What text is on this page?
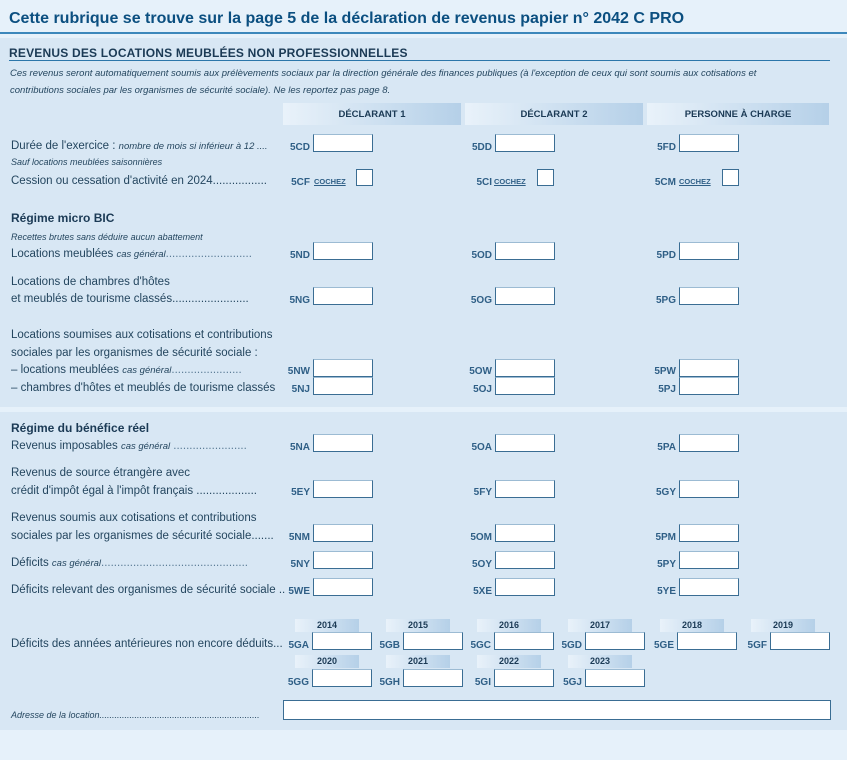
Cette rubrique se trouve sur la page 5 de la déclaration de revenus papier n° 2042 C PRO
REVENUS DES LOCATIONS MEUBLÉES NON PROFESSIONNELLES
Ces revenus seront automatiquement soumis aux prélèvements sociaux par la direction générale des finances publiques (à l'exception de ceux qui sont soumis aux cotisations et
contributions sociales par les organismes de sécurité sociale). Ne les reportez pas page 8.
DÉCLARANT 1	DÉCLARANT 2	PERSONNE À CHARGE
Durée de l'exercice : nombre de mois si inférieur à 12 ....	5CD	5DD	5FD
Sauf locations meublées saisonnières
Cession ou cessation d'activité en 2024.................	5CF COCHEZ	5CI COCHEZ	5CM COCHEZ
Régime micro BIC
Recettes brutes sans déduire aucun abattement
Locations meublées cas général...........................	5ND	5OD	5PD
Locations de chambres d'hôtes
et meublés de tourisme classés........................	5NG	5OG	5PG
Locations soumises aux cotisations et contributions
sociales par les organismes de sécurité sociale :
– locations meublées cas général......................	5NW	5OW	5PW
– chambres d'hôtes et meublés de tourisme classés	5NJ	5OJ	5PJ
Régime du bénéfice réel
Revenus imposables cas général .......................	5NA	5OA	5PA
Revenus de source étrangère avec
crédit d'impôt égal à l'impôt français ...................	5EY	5FY	5GY
Revenus soumis aux cotisations et contributions
sociales par les organismes de sécurité sociale.......	5NM	5OM	5PM
Déficits cas général..............................................	5NY	5OY	5PY
Déficits relevant des organismes de sécurité sociale .. 5WE	5XE	5YE
Déficits des années antérieures non encore déduits...
2014	2015	2016	2017	2018	2019
5GA	5GB	5GC	5GD	5GE	5GF
2020	2021	2022	2023
5GG	5GH	5GI	5GJ
Adresse de la location................................................................
